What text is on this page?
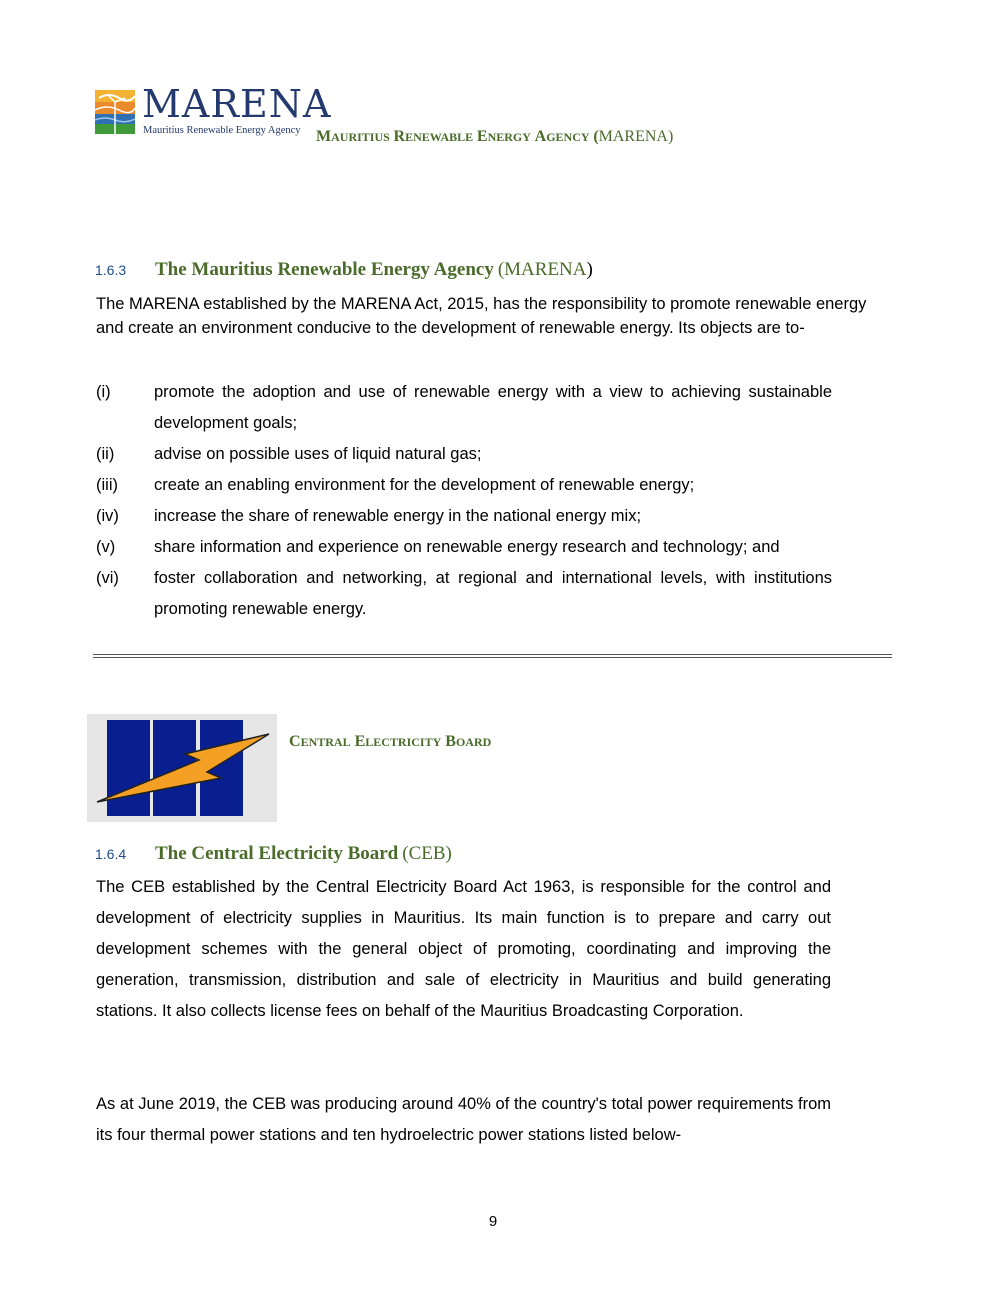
MARENA
Mauritius Renewable Energy Agency MAURITIUS RENEWABLE ENERGY AGENCY (MARENA)
1.6.3 The Mauritius Renewable Energy Agency (MARENA)
The MARENA established by the MARENA Act, 2015, has the responsibility to promote renewable energy and create an environment conducive to the development of renewable energy. Its objects are to-
(i)	promote the adoption and use of renewable energy with a view to achieving sustainable development goals;
(ii)	advise on possible uses of liquid natural gas;
(iii)	create an enabling environment for the development of renewable energy;
(iv)	increase the share of renewable energy in the national energy mix;
(v)	share information and experience on renewable energy research and technology; and
(vi)	foster collaboration and networking, at regional and international levels, with institutions promoting renewable energy.
CENTRAL ELECTRICITY BOARD
1.6.4 The Central Electricity Board (CEB)
The CEB established by the Central Electricity Board Act 1963, is responsible for the control and development of electricity supplies in Mauritius. Its main function is to prepare and carry out development schemes with the general object of promoting, coordinating and improving the generation, transmission, distribution and sale of electricity in Mauritius and build generating stations. It also collects license fees on behalf of the Mauritius Broadcasting Corporation.
As at June 2019, the CEB was producing around 40% of the country's total power requirements from its four thermal power stations and ten hydroelectric power stations listed below-
9
